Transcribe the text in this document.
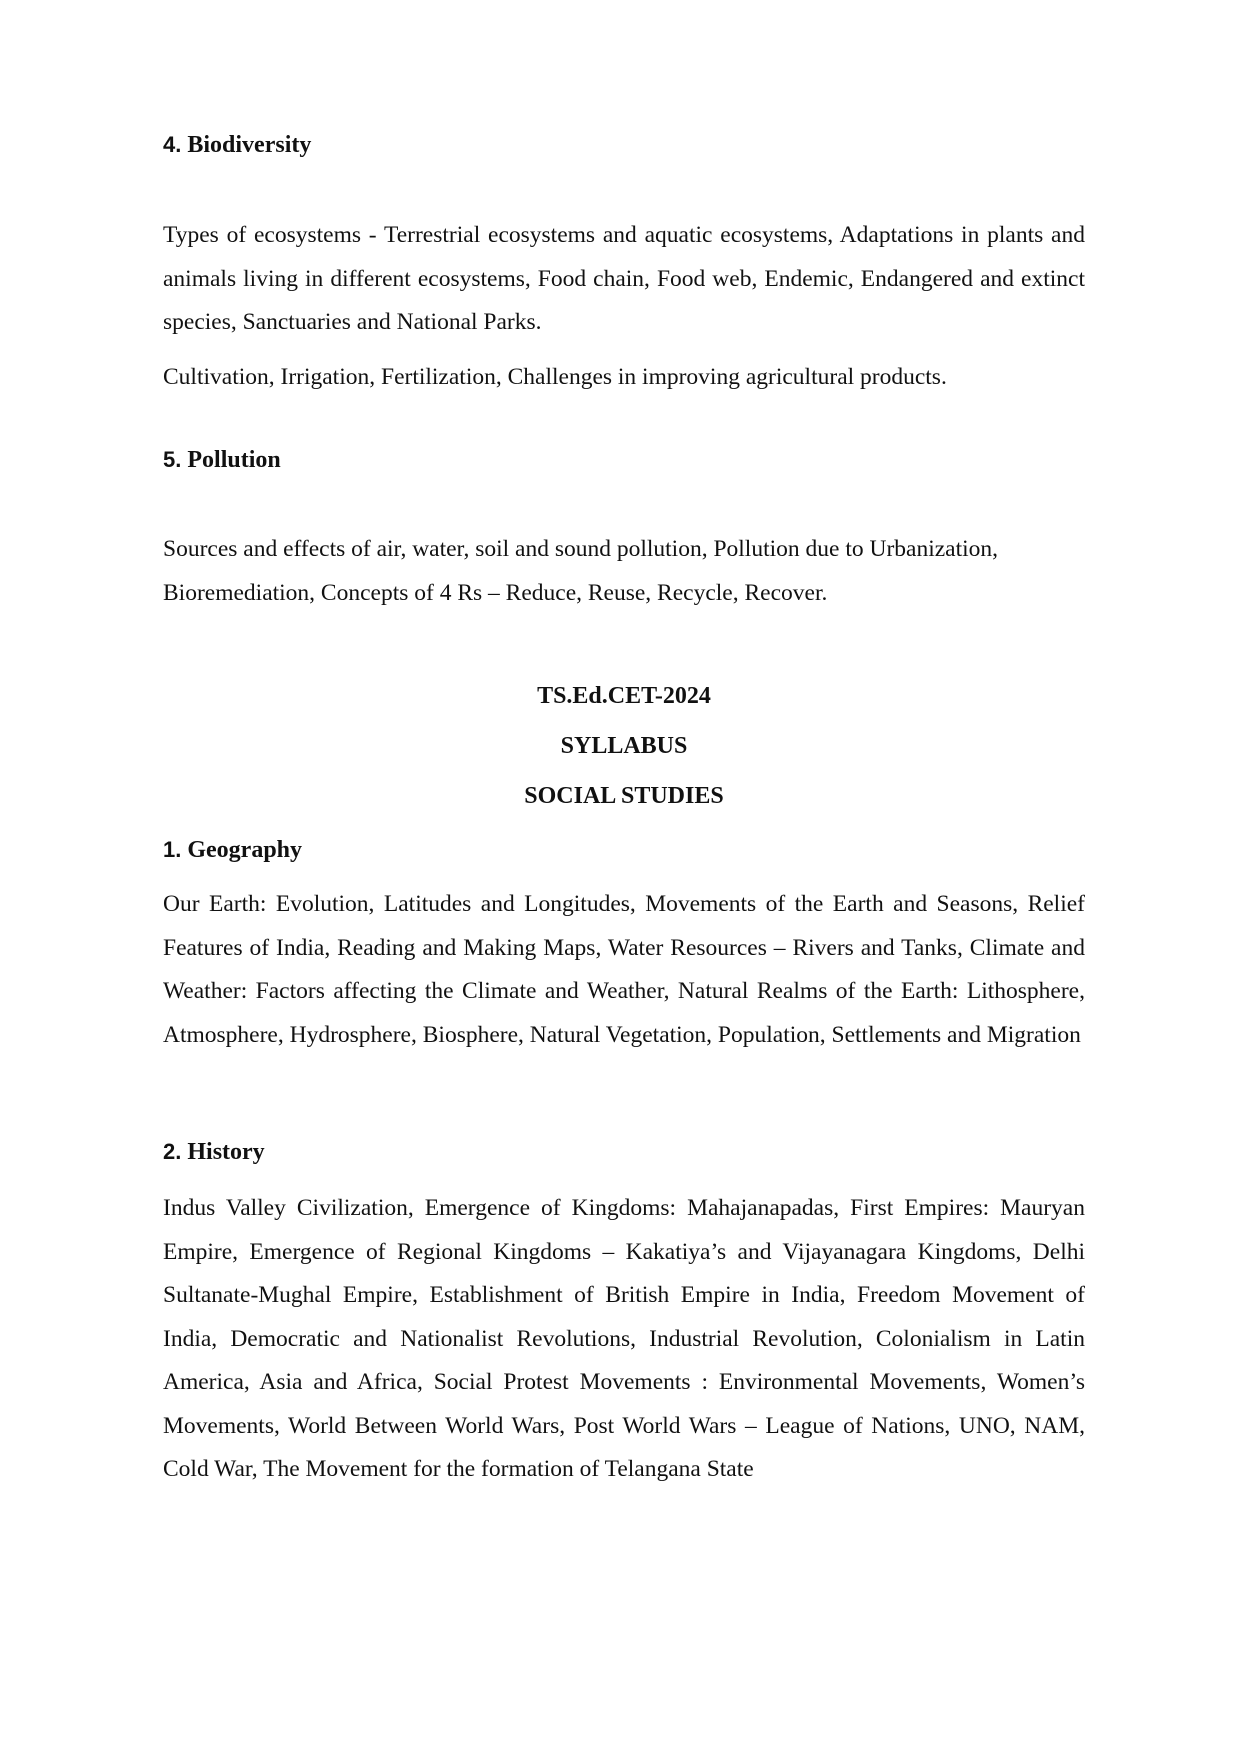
4. Biodiversity

Types of ecosystems - Terrestrial ecosystems and aquatic ecosystems, Adaptations in plants and animals living in different ecosystems, Food chain, Food web, Endemic, Endangered and extinct species, Sanctuaries and National Parks.

Cultivation, Irrigation, Fertilization, Challenges in improving agricultural products.

5. Pollution

Sources and effects of air, water, soil and sound pollution, Pollution due to Urbanization, Bioremediation, Concepts of 4 Rs – Reduce, Reuse, Recycle, Recover.

TS.Ed.CET-2024
SYLLABUS
SOCIAL STUDIES
1. Geography

Our Earth: Evolution, Latitudes and Longitudes, Movements of the Earth and Seasons, Relief Features of India, Reading and Making Maps, Water Resources – Rivers and Tanks, Climate and Weather: Factors affecting the Climate and Weather, Natural Realms of the Earth: Lithosphere, Atmosphere, Hydrosphere, Biosphere, Natural Vegetation, Population, Settlements and Migration

2. History

Indus Valley Civilization, Emergence of Kingdoms: Mahajanapadas, First Empires: Mauryan Empire, Emergence of Regional Kingdoms – Kakatiya’s and Vijayanagara Kingdoms, Delhi Sultanate-Mughal Empire, Establishment of British Empire in India, Freedom Movement of India, Democratic and Nationalist Revolutions, Industrial Revolution, Colonialism in Latin America, Asia and Africa, Social Protest Movements : Environmental Movements, Women’s Movements, World Between World Wars, Post World Wars – League of Nations, UNO, NAM, Cold War, The Movement for the formation of Telangana State
